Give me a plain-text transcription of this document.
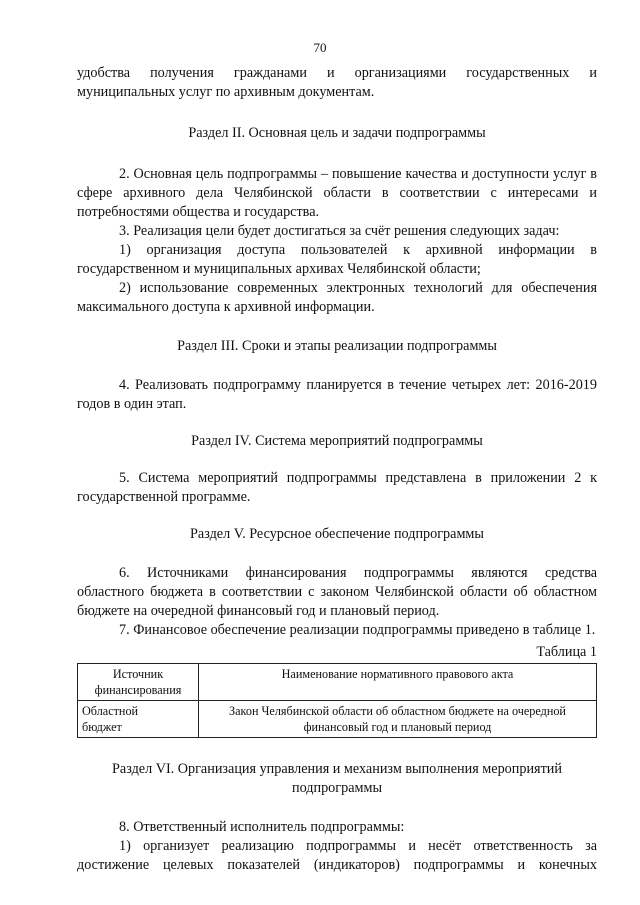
70

удобства получения гражданами и организациями государственных и муниципальных услуг по архивным документам.

Раздел II. Основная цель и задачи подпрограммы

2. Основная цель подпрограммы – повышение качества и доступности услуг в сфере архивного дела Челябинской области в соответствии с интересами и потребностями общества и государства.

3. Реализация цели будет достигаться за счёт решения следующих задач:

1) организация доступа пользователей к архивной информации в государственном и муниципальных архивах Челябинской области;

2) использование современных электронных технологий для обеспечения максимального доступа к архивной информации.

Раздел III. Сроки и этапы реализации подпрограммы

4. Реализовать подпрограмму планируется в течение четырех лет: 2016-2019 годов в один этап.

Раздел IV. Система мероприятий подпрограммы

5. Система мероприятий подпрограммы представлена в приложении 2 к государственной программе.

Раздел V. Ресурсное обеспечение подпрограммы

6. Источниками финансирования подпрограммы являются средства областного бюджета в соответствии с законом Челябинской области об областном бюджете на очередной финансовый год и плановый период.

7. Финансовое обеспечение реализации подпрограммы приведено в таблице 1.

Таблица 1

Источник
финансирования	Наименование нормативного правового акта
Областной
бюджет	Закон Челябинской области об областном бюджете на очередной финансовый год и плановый период

Раздел VI. Организация управления и механизм выполнения мероприятий

подпрограммы

8. Ответственный исполнитель подпрограммы:

1) организует реализацию подпрограммы и несёт ответственность за достижение целевых показателей (индикаторов) подпрограммы и конечных
